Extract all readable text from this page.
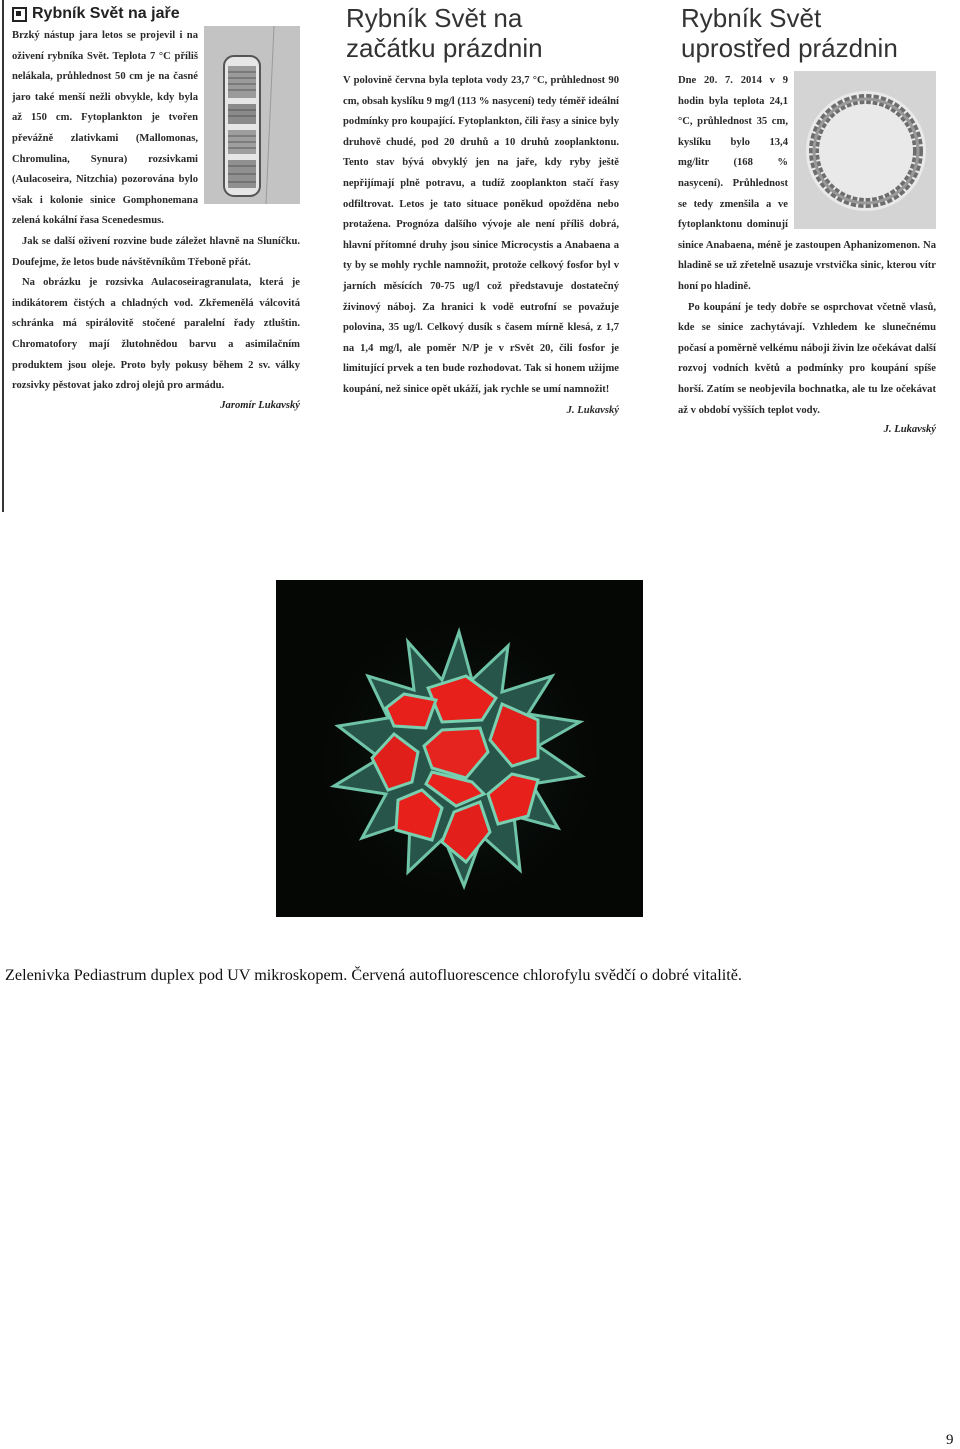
Rybník Svět na jaře
Brzký nástup jara letos se projevil i na oživení rybníka Svět. Teplota 7 °C příliš nelákala, průhlednost 50 cm je na časné jaro také menší nežli obvykle, kdy byla až 150 cm. Fytoplankton je tvořen převážně zlativkami (Mallomonas, Chromulina, Synura) rozsivkami (Aulacoseira, Nitzchia) pozorována bylo však i kolonie sinice Gomphonemana zelená kokální řasa Scenedesmus.
Jak se další oživení rozvine bude záležet hlavně na Sluníčku. Doufejme, že letos bude návštěvníkům Třeboně přát.
Na obrázku je rozsivka Aulacoseiragranulata, která je indikátorem čistých a chladných vod. Zkřemenělá válcovitá schránka má spirálovitě stočené paralelní řady ztluštin. Chromatofory mají žlutohnědou barvu a asimilačním produktem jsou oleje. Proto byly pokusy během 2 sv. války rozsivky pěstovat jako zdroj olejů pro armádu.
Jaromír Lukavský
Rybník Svět na
začátku prázdnin
V polovině června byla teplota vody 23,7 °C, průhlednost 90 cm, obsah kyslíku 9 mg/l (113 % nasycení) tedy téměř ideální podmínky pro koupající. Fytoplankton, čili řasy a sinice byly druhově chudé, pod 20 druhů a 10 druhů zooplanktonu. Tento stav bývá obvyklý jen na jaře, kdy ryby ještě nepřijímají plně potravu, a tudíž zooplankton stačí řasy odfiltrovat. Letos je tato situace poněkud opožděna nebo protažena. Prognóza dalšího vývoje ale není příliš dobrá, hlavní přítomné druhy jsou sinice Microcystis a Anabaena a ty by se mohly rychle namnožit, protože celkový fosfor byl v jarních měsících 70-75 ug/l což představuje dostatečný živinový náboj. Za hranici k vodě eutrofní se považuje polovina, 35 ug/l. Celkový dusík s časem mírně klesá, z 1,7 na 1,4 mg/l, ale poměr N/P je v rSvět 20, čili fosfor je limitující prvek a ten bude rozhodovat. Tak si honem užijme koupání, než sinice opět ukáží, jak rychle se umí namnožit!
J. Lukavský
Rybník Svět
uprostřed prázdnin
Dne 20. 7. 2014 v 9 hodin byla teplota 24,1 °C, průhlednost 35 cm, kyslíku bylo 13,4 mg/litr (168 % nasycení). Průhlednost se tedy zmenšila a ve fytoplanktonu dominují sinice Anabaena, méně je zastoupen Aphanizomenon. Na hladině se už zřetelně usazuje vrstvička sinic, kterou vítr honí po hladině.
Po koupání je tedy dobře se osprchovat včetně vlasů, kde se sinice zachytávají. Vzhledem ke slunečnému počasí a poměrně velkému náboji živin lze očekávat další rozvoj vodních květů a podmínky pro koupání spíše horší. Zatím se neobjevila bochnatka, ale tu lze očekávat až v období vyšších teplot vody.
J. Lukavský
Zelenivka Pediastrum duplex pod UV mikroskopem. Červená autofluorescence chlorofylu svědčí o dobré vitalitě.
9
